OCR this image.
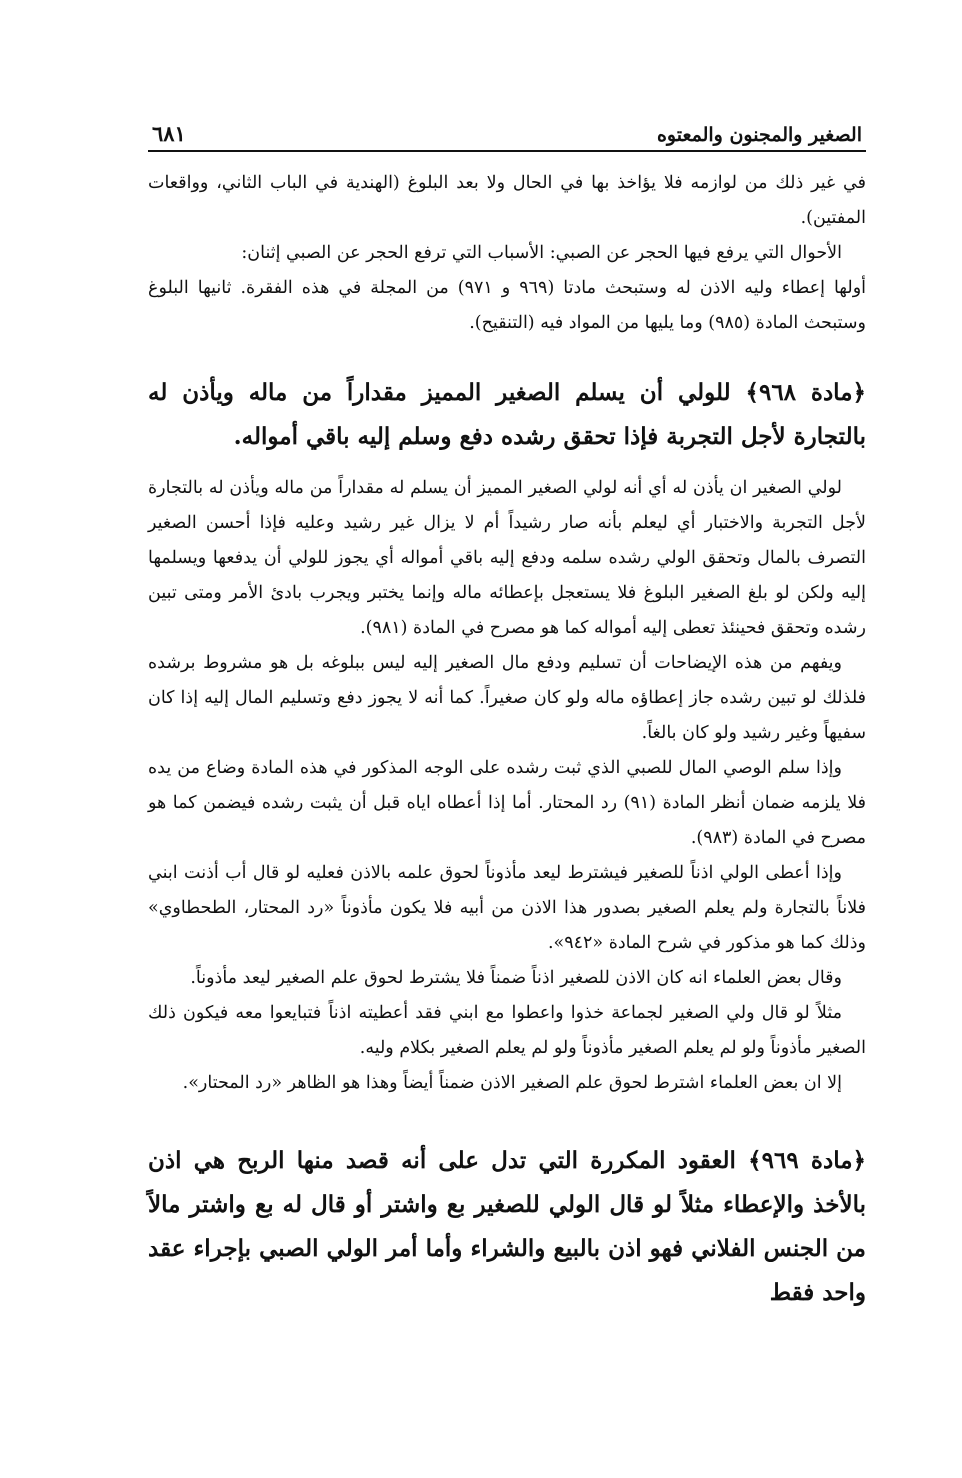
الصغير والمجنون والمعتوه
٦٨١

في غير ذلك من لوازمه فلا يؤاخذ بها في الحال ولا بعد البلوغ (الهندية في الباب الثاني، وواقعات المفتين).

الأحوال التي يرفع فيها الحجر عن الصبي: الأسباب التي ترفع الحجر عن الصبي إثنان:

أولها إعطاء وليه الاذن له وستبحث مادتا (٩٦٩ و ٩٧١) من المجلة في هذه الفقرة. ثانيها البلوغ وستبحث المادة (٩٨٥) وما يليها من المواد فيه (التنقيح).

﴿مادة ٩٦٨﴾ للولي أن يسلم الصغير المميز مقداراً من ماله ويأذن له بالتجارة لأجل التجربة فإذا تحقق رشده دفع وسلم إليه باقي أمواله.

لولي الصغير ان يأذن له أي أنه لولي الصغير المميز أن يسلم له مقداراً من ماله ويأذن له بالتجارة لأجل التجربة والاختبار أي ليعلم بأنه صار رشيداً أم لا يزال غير رشيد وعليه فإذا أحسن الصغير التصرف بالمال وتحقق الولي رشده سلمه ودفع إليه باقي أمواله أي يجوز للولي أن يدفعها ويسلمها إليه ولكن لو بلغ الصغير البلوغ فلا يستعجل بإعطائه ماله وإنما يختبر ويجرب بادئ الأمر ومتى تبين رشده وتحقق فحينئذ تعطى إليه أمواله كما هو مصرح في المادة (٩٨١).

ويفهم من هذه الإيضاحات أن تسليم ودفع مال الصغير إليه ليس ببلوغه بل هو مشروط برشده فلذلك لو تبين رشده جاز إعطاؤه ماله ولو كان صغيراً. كما أنه لا يجوز دفع وتسليم المال إليه إذا كان سفيهاً وغير رشيد ولو كان بالغاً.

وإذا سلم الوصي المال للصبي الذي ثبت رشده على الوجه المذكور في هذه المادة وضاع من يده فلا يلزمه ضمان أنظر المادة (٩١) رد المحتار. أما إذا أعطاه اياه قبل أن يثبت رشده فيضمن كما هو مصرح في المادة (٩٨٣).

وإذا أعطى الولي اذناً للصغير فيشترط ليعد مأذوناً لحوق علمه بالاذن فعليه لو قال أب أذنت ابني فلاناً بالتجارة ولم يعلم الصغير بصدور هذا الاذن من أبيه فلا يكون مأذوناً «رد المحتار، الطحطاوي» وذلك كما هو مذكور في شرح المادة «٩٤٢».

وقال بعض العلماء انه كان الاذن للصغير اذناً ضمناً فلا يشترط لحوق علم الصغير ليعد مأذوناً.

مثلاً لو قال ولي الصغير لجماعة خذوا واعطوا مع ابني فقد أعطيته اذناً فتبايعوا معه فيكون ذلك الصغير مأذوناً ولو لم يعلم الصغير مأذوناً ولو لم يعلم الصغير بكلام وليه.

إلا ان بعض العلماء اشترط لحوق علم الصغير الاذن ضمناً أيضاً وهذا هو الظاهر «رد المحتار».

﴿مادة ٩٦٩﴾ العقود المكررة التي تدل على أنه قصد منها الربح هي اذن بالأخذ والإعطاء مثلاً لو قال الولي للصغير بع واشتر أو قال له بع واشتر مالاً من الجنس الفلاني فهو اذن بالبيع والشراء وأما أمر الولي الصبي بإجراء عقد واحد فقط
